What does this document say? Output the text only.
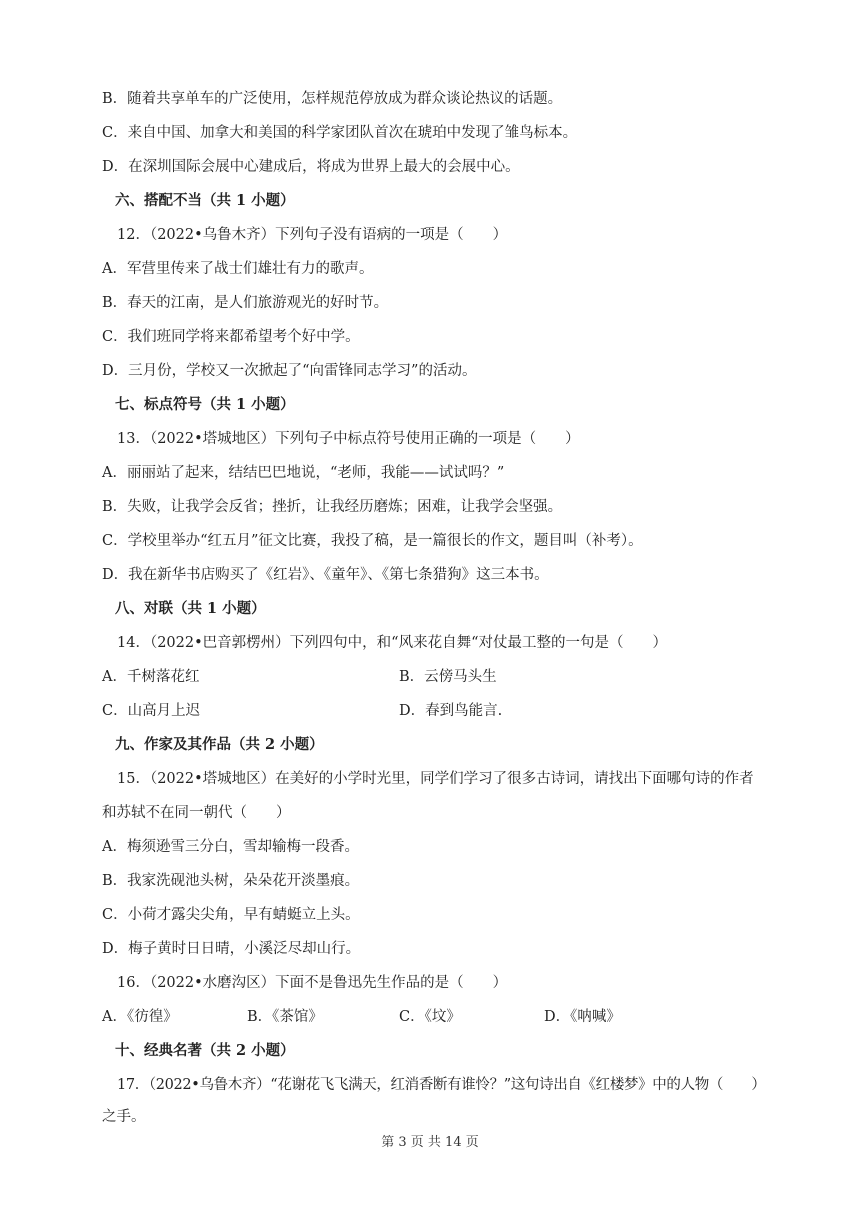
B．随着共享单车的广泛使用，怎样规范停放成为群众谈论热议的话题。
C．来自中国、加拿大和美国的科学家团队首次在琥珀中发现了雏鸟标本。
D．在深圳国际会展中心建成后，将成为世界上最大的会展中心。
六、搭配不当（共 1 小题）
12．（2022•乌鲁木齐）下列句子没有语病的一项是（　　）
A．军营里传来了战士们雄壮有力的歌声。
B．春天的江南，是人们旅游观光的好时节。
C．我们班同学将来都希望考个好中学。
D．三月份，学校又一次掀起了“向雷锋同志学习”的活动。
七、标点符号（共 1 小题）
13．（2022•塔城地区）下列句子中标点符号使用正确的一项是（　　）
A．丽丽站了起来，结结巴巴地说，“老师，我能——试试吗？”
B．失败，让我学会反省；挫折，让我经历磨炼；困难，让我学会坚强。
C．学校里举办“红五月”征文比赛，我投了稿，是一篇很长的作文，题目叫（补考）。
D．我在新华书店购买了《红岩》、《童年》、《第七条猎狗》这三本书。
八、对联（共 1 小题）
14．（2022•巴音郭楞州）下列四句中，和“风来花自舞“对仗最工整的一句是（　　）
A．千树落花红	B．云傍马头生
C．山高月上迟	D．春到鸟能言.
九、作家及其作品（共 2 小题）
15．（2022•塔城地区）在美好的小学时光里，同学们学习了很多古诗词，请找出下面哪句诗的作者
和苏轼不在同一朝代（　　）
A．梅须逊雪三分白，雪却输梅一段香。
B．我家洗砚池头树，朵朵花开淡墨痕。
C．小荷才露尖尖角，早有蜻蜓立上头。
D．梅子黄时日日晴，小溪泛尽却山行。
16．（2022•水磨沟区）下面不是鲁迅先生作品的是（　　）
A．《彷徨》	B．《茶馆》	C．《坟》	D．《呐喊》
十、经典名著（共 2 小题）
17．（2022•乌鲁木齐）“花谢花飞飞满天，红消香断有谁怜？”这句诗出自《红楼梦》中的人物（　　）
之手。
第 3 页 共 14 页
